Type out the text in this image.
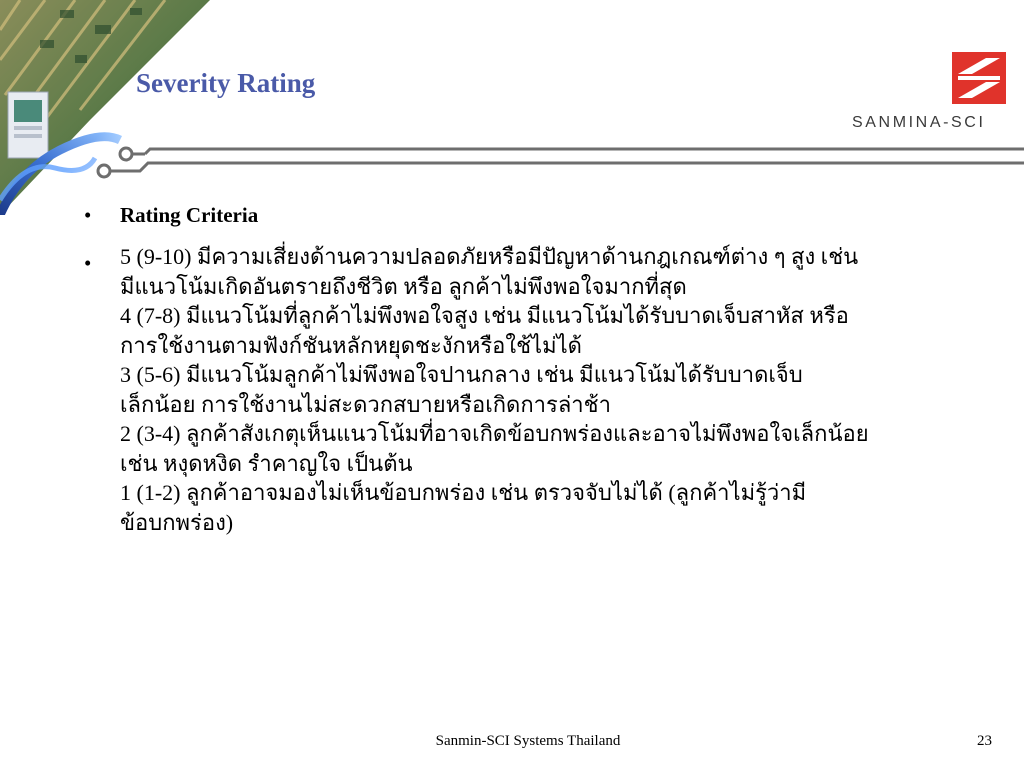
Severity Rating
SANMINA-SCI
• Rating Criteria
• 5 (9-10) มีความเสี่ยงด้านความปลอดภัยหรือมีปัญหาด้านกฎเกณฑ์ต่าง ๆ สูง เช่น
มีแนวโน้มเกิดอันตรายถึงชีวิต หรือ ลูกค้าไม่พึงพอใจมากที่สุด
4 (7-8) มีแนวโน้มที่ลูกค้าไม่พึงพอใจสูง เช่น มีแนวโน้มได้รับบาดเจ็บสาหัส หรือ
การใช้งานตามฟังก์ชันหลักหยุดชะงักหรือใช้ไม่ได้
3 (5-6) มีแนวโน้มลูกค้าไม่พึงพอใจปานกลาง เช่น มีแนวโน้มได้รับบาดเจ็บ
เล็กน้อย การใช้งานไม่สะดวกสบายหรือเกิดการล่าช้า
2 (3-4) ลูกค้าสังเกตุเห็นแนวโน้มที่อาจเกิดข้อบกพร่องและอาจไม่พึงพอใจเล็กน้อย
เช่น หงุดหงิด รำคาญใจ เป็นต้น
1 (1-2) ลูกค้าอาจมองไม่เห็นข้อบกพร่อง เช่น ตรวจจับไม่ได้ (ลูกค้าไม่รู้ว่ามี
ข้อบกพร่อง)
Sanmin-SCI Systems Thailand	23
